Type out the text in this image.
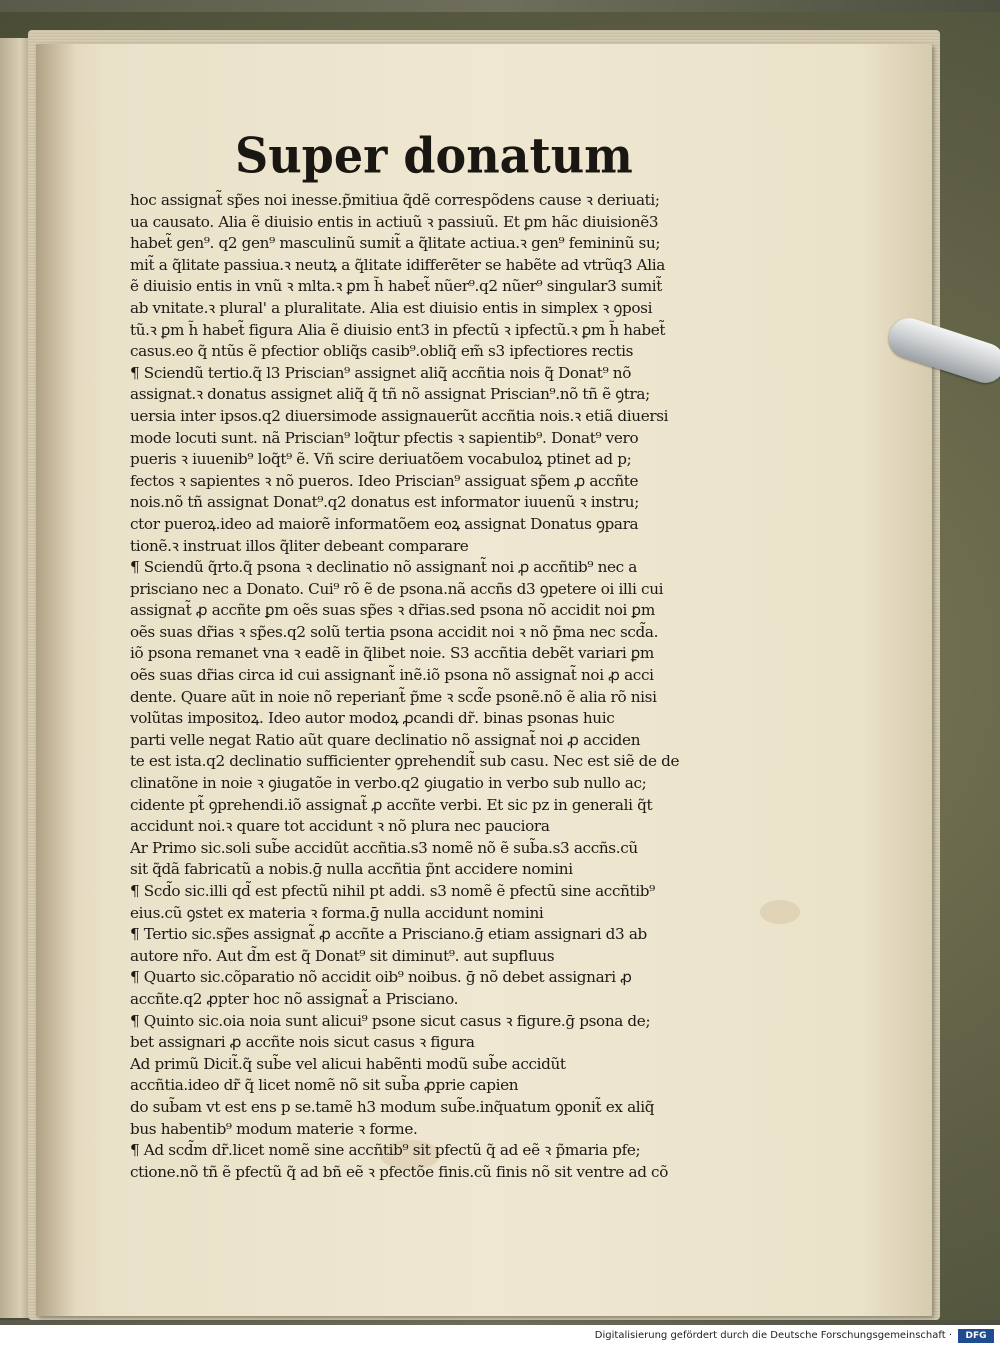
Super donatum
hoc assignat̃ sp̃es noi inesse.p̃mitiua q̃dẽ correspõdens cause ꝛ deriuati;
ua causato. Alia ẽ diuisio entis in actiuũ ꝛ passiuũ. Et ꝑm hãc diuisionẽ3
habet̃ gen⁹. q2 gen⁹ masculinũ sumit̃ a q̃litate actiua.ꝛ gen⁹ femininũ su;
mit̃ a q̃litate passiua.ꝛ neutꝝ a q̃litate idifferẽter se habẽte ad vtrũq3 Alia
ẽ diuisio entis in vnũ ꝛ mlta.ꝛ ꝑm h̃ habet̃ nũer⁹.q2 nũer⁹ singular3 sumit̃
ab vnitate.ꝛ plural' a pluralitate. Alia est diuisio entis in simplex ꝛ ꝯposi
tũ.ꝛ ꝑm h̃ habet̃ figura Alia ẽ diuisio ent3 in pfectũ ꝛ ipfectũ.ꝛ ꝑm h̃ habet̃
casus.eo q̃ ntũs ẽ pfectior obliq̃s casib⁹.obliq̃ em̃ s3 ipfectiores rectis
¶ Sciendũ tertio.q̃ l3 Priscian⁹ assignet aliq̃ accñtia nois q̃ Donat⁹ nõ
assignat.ꝛ donatus assignet aliq̃ q̃ tñ nõ assignat Priscian⁹.nõ tñ ẽ ꝯtra;
uersia inter ipsos.q2 diuersimode assignauerũt accñtia nois.ꝛ etiã diuersi
mode locuti sunt. nã Priscian⁹ loq̃tur pfectis ꝛ sapientib⁹. Donat⁹ vero
pueris ꝛ iuuenib⁹ loq̃t⁹ ẽ. Vñ scire deriuatõem vocabuloꝝ ptinet ad p;
fectos ꝛ sapientes ꝛ nõ pueros. Ideo Priscian⁹ assiguat sp̃em ꝓ accñte
nois.nõ tñ assignat Donat⁹.q2 donatus est informator iuuenũ ꝛ instru;
ctor pueroꝝ.ideo ad maiorẽ informatõem eoꝝ assignat Donatus ꝯpara
tionẽ.ꝛ instruat illos q̃liter debeant comparare
¶ Sciendũ q̃rto.q̃ psona ꝛ declinatio nõ assignant̃ noi ꝓ accñtib⁹ nec a
prisciano nec a Donato. Cui⁹ rõ ẽ de psona.nã accñs d3 ꝯpetere oi illi cui
assignat̃ ꝓ accñte ꝑm oẽs suas sp̃es ꝛ dr̃ias.sed psona nõ accidit noi ꝑm
oẽs suas dr̃ias ꝛ sp̃es.q2 solũ tertia psona accidit noi ꝛ nõ p̃ma nec scd̃a.
iõ psona remanet vna ꝛ eadẽ in q̃libet noie. S3 accñtia debẽt variari ꝑm
oẽs suas dr̃ias circa id cui assignant̃ inẽ.iõ psona nõ assignat̃ noi ꝓ acci
dente. Quare aũt in noie nõ reperiant̃ p̃me ꝛ scd̃e psonẽ.nõ ẽ alia rõ nisi
volũtas impositoꝝ. Ideo autor modoꝝ ꝓcandi dr̃. binas psonas huic
parti velle negat Ratio aũt quare declinatio nõ assignat̃ noi ꝓ acciden
te est ista.q2 declinatio sufficienter ꝯprehendit̃ sub casu. Nec est siẽ de de
clinatõne in noie ꝛ ꝯiugatõe in verbo.q2 ꝯiugatio in verbo sub nullo ac;
cidente pt̃ ꝯprehendi.iõ assignat̃ ꝓ accñte verbi. Et sic pz in generali q̃t
accidunt noi.ꝛ quare tot accidunt ꝛ nõ plura nec pauciora
Ar Primo sic.soli sub̃e accidũt accñtia.s3 nomẽ nõ ẽ sub̃a.s3 accñs.cũ
sit q̃dã fabricatũ a nobis.ḡ nulla accñtia p̃nt accidere nomini
¶ Scd̃o sic.illi qd̃ est pfectũ nihil pt addi. s3 nomẽ ẽ pfectũ sine accñtib⁹
eius.cũ ꝯstet ex materia ꝛ forma.ḡ nulla accidunt nomini
¶ Tertio sic.sp̃es assignat̃ ꝓ accñte a Prisciano.ḡ etiam assignari d3 ab
autore nr̃o. Aut d̃m est q̃ Donat⁹ sit diminut⁹. aut supfluus
¶ Quarto sic.cõparatio nõ accidit oib⁹ noibus. ḡ nõ debet assignari ꝓ
accñte.q2 ꝓpter hoc nõ assignat̃ a Prisciano.
¶ Quinto sic.oia noia sunt alicui⁹ psone sicut casus ꝛ figure.ḡ psona de;
bet assignari ꝓ accñte nois sicut casus ꝛ figura
Ad primũ Dicit̃.q̃ sub̃e vel alicui habẽnti modũ sub̃e accidũt
accñtia.ideo dr̃ q̃ licet nomẽ nõ sit sub̃a ꝓprie capien
do sub̃am vt est ens p se.tamẽ h3 modum sub̃e.inq̃uatum ꝯponit̃ ex aliq̃
bus habentib⁹ modum materie ꝛ forme.
¶ Ad scd̃m dr̃.licet nomẽ sine accñtib⁹ sit pfectũ q̃ ad eẽ ꝛ p̃maria pfe;
ctione.nõ tñ ẽ pfectũ q̃ ad bñ eẽ ꝛ pfectõe finis.cũ finis nõ sit ventre ad cõ
Digitalisierung gefördert durch die Deutsche Forschungsgemeinschaft ·	DFG
